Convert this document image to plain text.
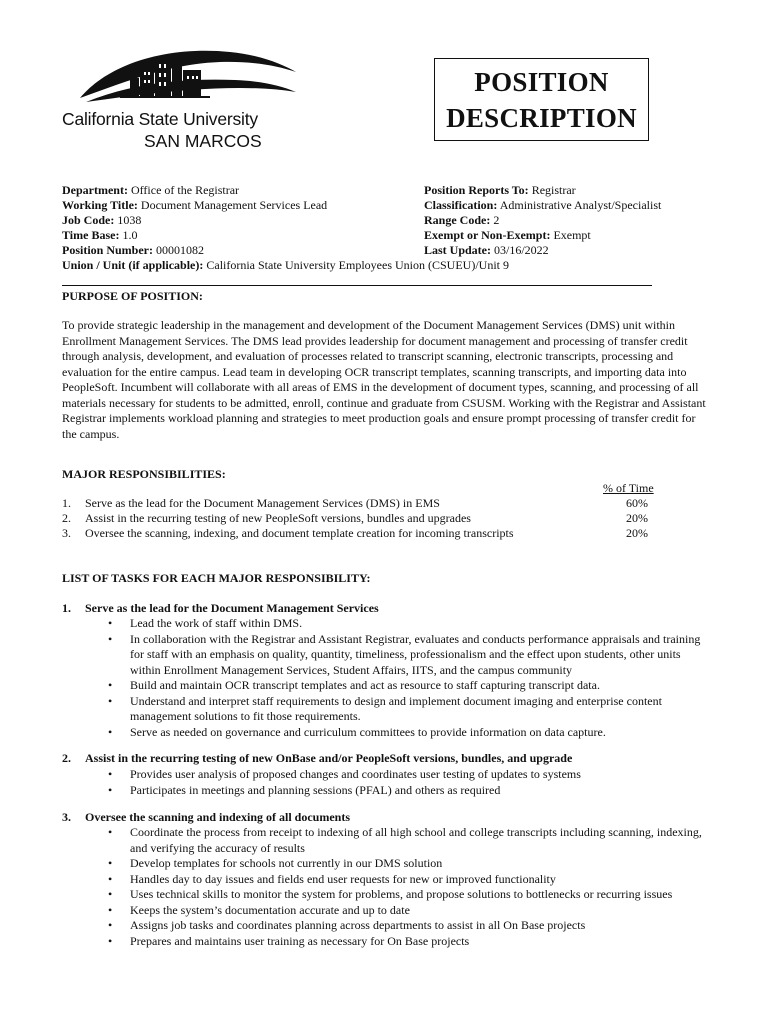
California State University
SAN MARCOS
POSITION
DESCRIPTION
Department: Office of the Registrar
Working Title: Document Management Services Lead
Job Code: 1038
Time Base: 1.0
Position Number: 00001082
Union / Unit (if applicable): California State University Employees Union (CSUEU)/Unit 9
Position Reports To: Registrar
Classification: Administrative Analyst/Specialist
Range Code: 2
Exempt or Non-Exempt: Exempt
Last Update: 03/16/2022
PURPOSE OF POSITION:
To provide strategic leadership in the management and development of the Document Management Services (DMS) unit within Enrollment Management Services. The DMS lead provides leadership for document management and processing of transfer credit through analysis, development, and evaluation of processes related to transcript scanning, electronic transcripts, processing and evaluation for the entire campus. Lead team in developing OCR transcript templates, scanning transcripts, and importing data into PeopleSoft. Incumbent will collaborate with all areas of EMS in the development of document types, scanning, and processing of all materials necessary for students to be admitted, enroll, continue and graduate from CSUSM. Working with the Registrar and Assistant Registrar implements workload planning and strategies to meet production goals and ensure prompt processing of transfer credit for the campus.
MAJOR RESPONSIBILITIES:
% of Time
1. Serve as the lead for the Document Management Services (DMS) in EMS	60%
2. Assist in the recurring testing of new PeopleSoft versions, bundles and upgrades	20%
3. Oversee the scanning, indexing, and document template creation for incoming transcripts	20%
LIST OF TASKS FOR EACH MAJOR RESPONSIBILITY:
1. Serve as the lead for the Document Management Services
• Lead the work of staff within DMS.
• In collaboration with the Registrar and Assistant Registrar, evaluates and conducts performance appraisals and training for staff with an emphasis on quality, quantity, timeliness, professionalism and the effect upon students, other units within Enrollment Management Services, Student Affairs, IITS, and the campus community
• Build and maintain OCR transcript templates and act as resource to staff capturing transcript data.
• Understand and interpret staff requirements to design and implement document imaging and enterprise content management solutions to fit those requirements.
• Serve as needed on governance and curriculum committees to provide information on data capture.
2. Assist in the recurring testing of new OnBase and/or PeopleSoft versions, bundles, and upgrade
• Provides user analysis of proposed changes and coordinates user testing of updates to systems
• Participates in meetings and planning sessions (PFAL) and others as required
3. Oversee the scanning and indexing of all documents
• Coordinate the process from receipt to indexing of all high school and college transcripts including scanning, indexing, and verifying the accuracy of results
• Develop templates for schools not currently in our DMS solution
• Handles day to day issues and fields end user requests for new or improved functionality
• Uses technical skills to monitor the system for problems, and propose solutions to bottlenecks or recurring issues
• Keeps the system’s documentation accurate and up to date
• Assigns job tasks and coordinates planning across departments to assist in all On Base projects
• Prepares and maintains user training as necessary for On Base projects
